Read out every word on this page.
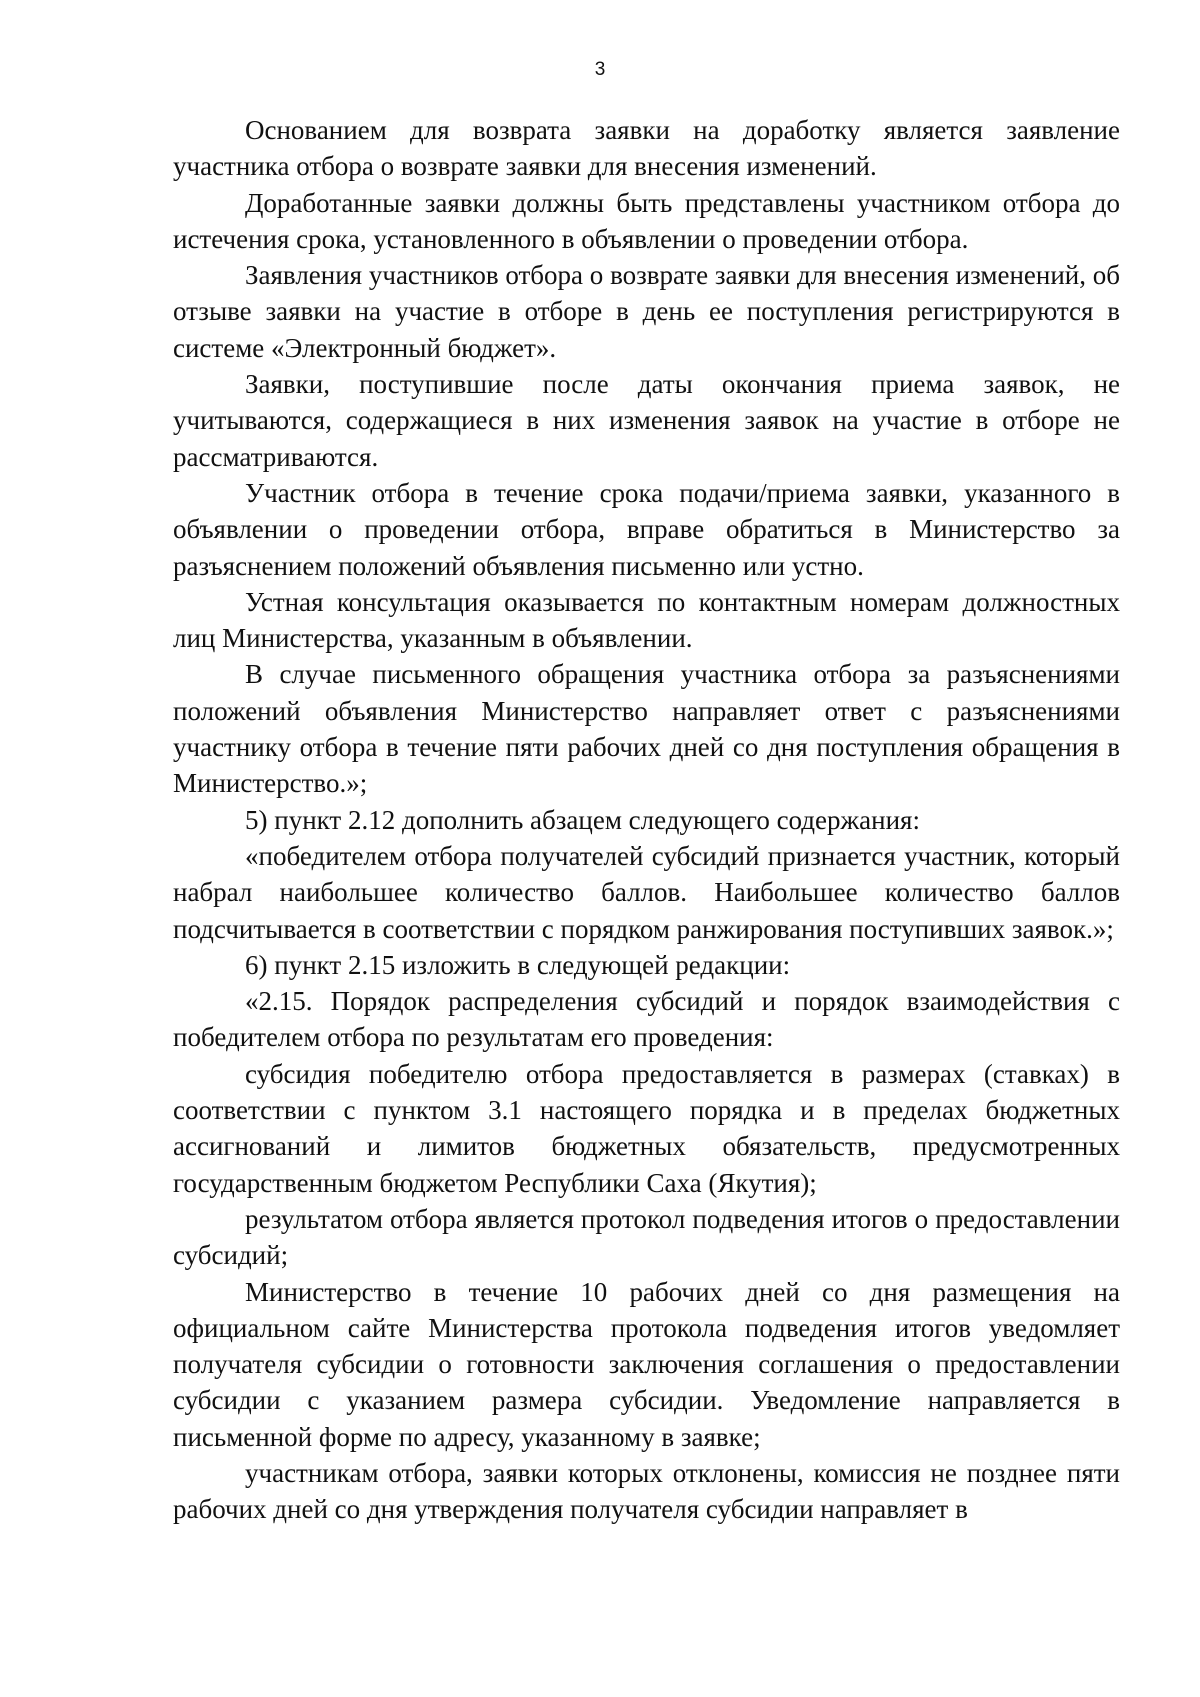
3

Основанием для возврата заявки на доработку является заявление участника отбора о возврате заявки для внесения изменений.

Доработанные заявки должны быть представлены участником отбора до истечения срока, установленного в объявлении о проведении отбора.

Заявления участников отбора о возврате заявки для внесения изменений, об отзыве заявки на участие в отборе в день ее поступления регистрируются в системе «Электронный бюджет».

Заявки, поступившие после даты окончания приема заявок, не учитываются, содержащиеся в них изменения заявок на участие в отборе не рассматриваются.

Участник отбора в течение срока подачи/приема заявки, указанного в объявлении о проведении отбора, вправе обратиться в Министерство за разъяснением положений объявления письменно или устно.

Устная консультация оказывается по контактным номерам должностных лиц Министерства, указанным в объявлении.

В случае письменного обращения участника отбора за разъяснениями положений объявления Министерство направляет ответ с разъяснениями участнику отбора в течение пяти рабочих дней со дня поступления обращения в Министерство.»;

5) пункт 2.12 дополнить абзацем следующего содержания:

«победителем отбора получателей субсидий признается участник, который набрал наибольшее количество баллов. Наибольшее количество баллов подсчитывается в соответствии с порядком ранжирования поступивших заявок.»;

6) пункт 2.15 изложить в следующей редакции:

«2.15. Порядок распределения субсидий и порядок взаимодействия с победителем отбора по результатам его проведения:

субсидия победителю отбора предоставляется в размерах (ставках) в соответствии с пунктом 3.1 настоящего порядка и в пределах бюджетных ассигнований и лимитов бюджетных обязательств, предусмотренных государственным бюджетом Республики Саха (Якутия);

результатом отбора является протокол подведения итогов о предоставлении субсидий;

Министерство в течение 10 рабочих дней со дня размещения на официальном сайте Министерства протокола подведения итогов уведомляет получателя субсидии о готовности заключения соглашения о предоставлении субсидии с указанием размера субсидии. Уведомление направляется в письменной форме по адресу, указанному в заявке;

участникам отбора, заявки которых отклонены, комиссия не позднее пяти рабочих дней со дня утверждения получателя субсидии направляет в
